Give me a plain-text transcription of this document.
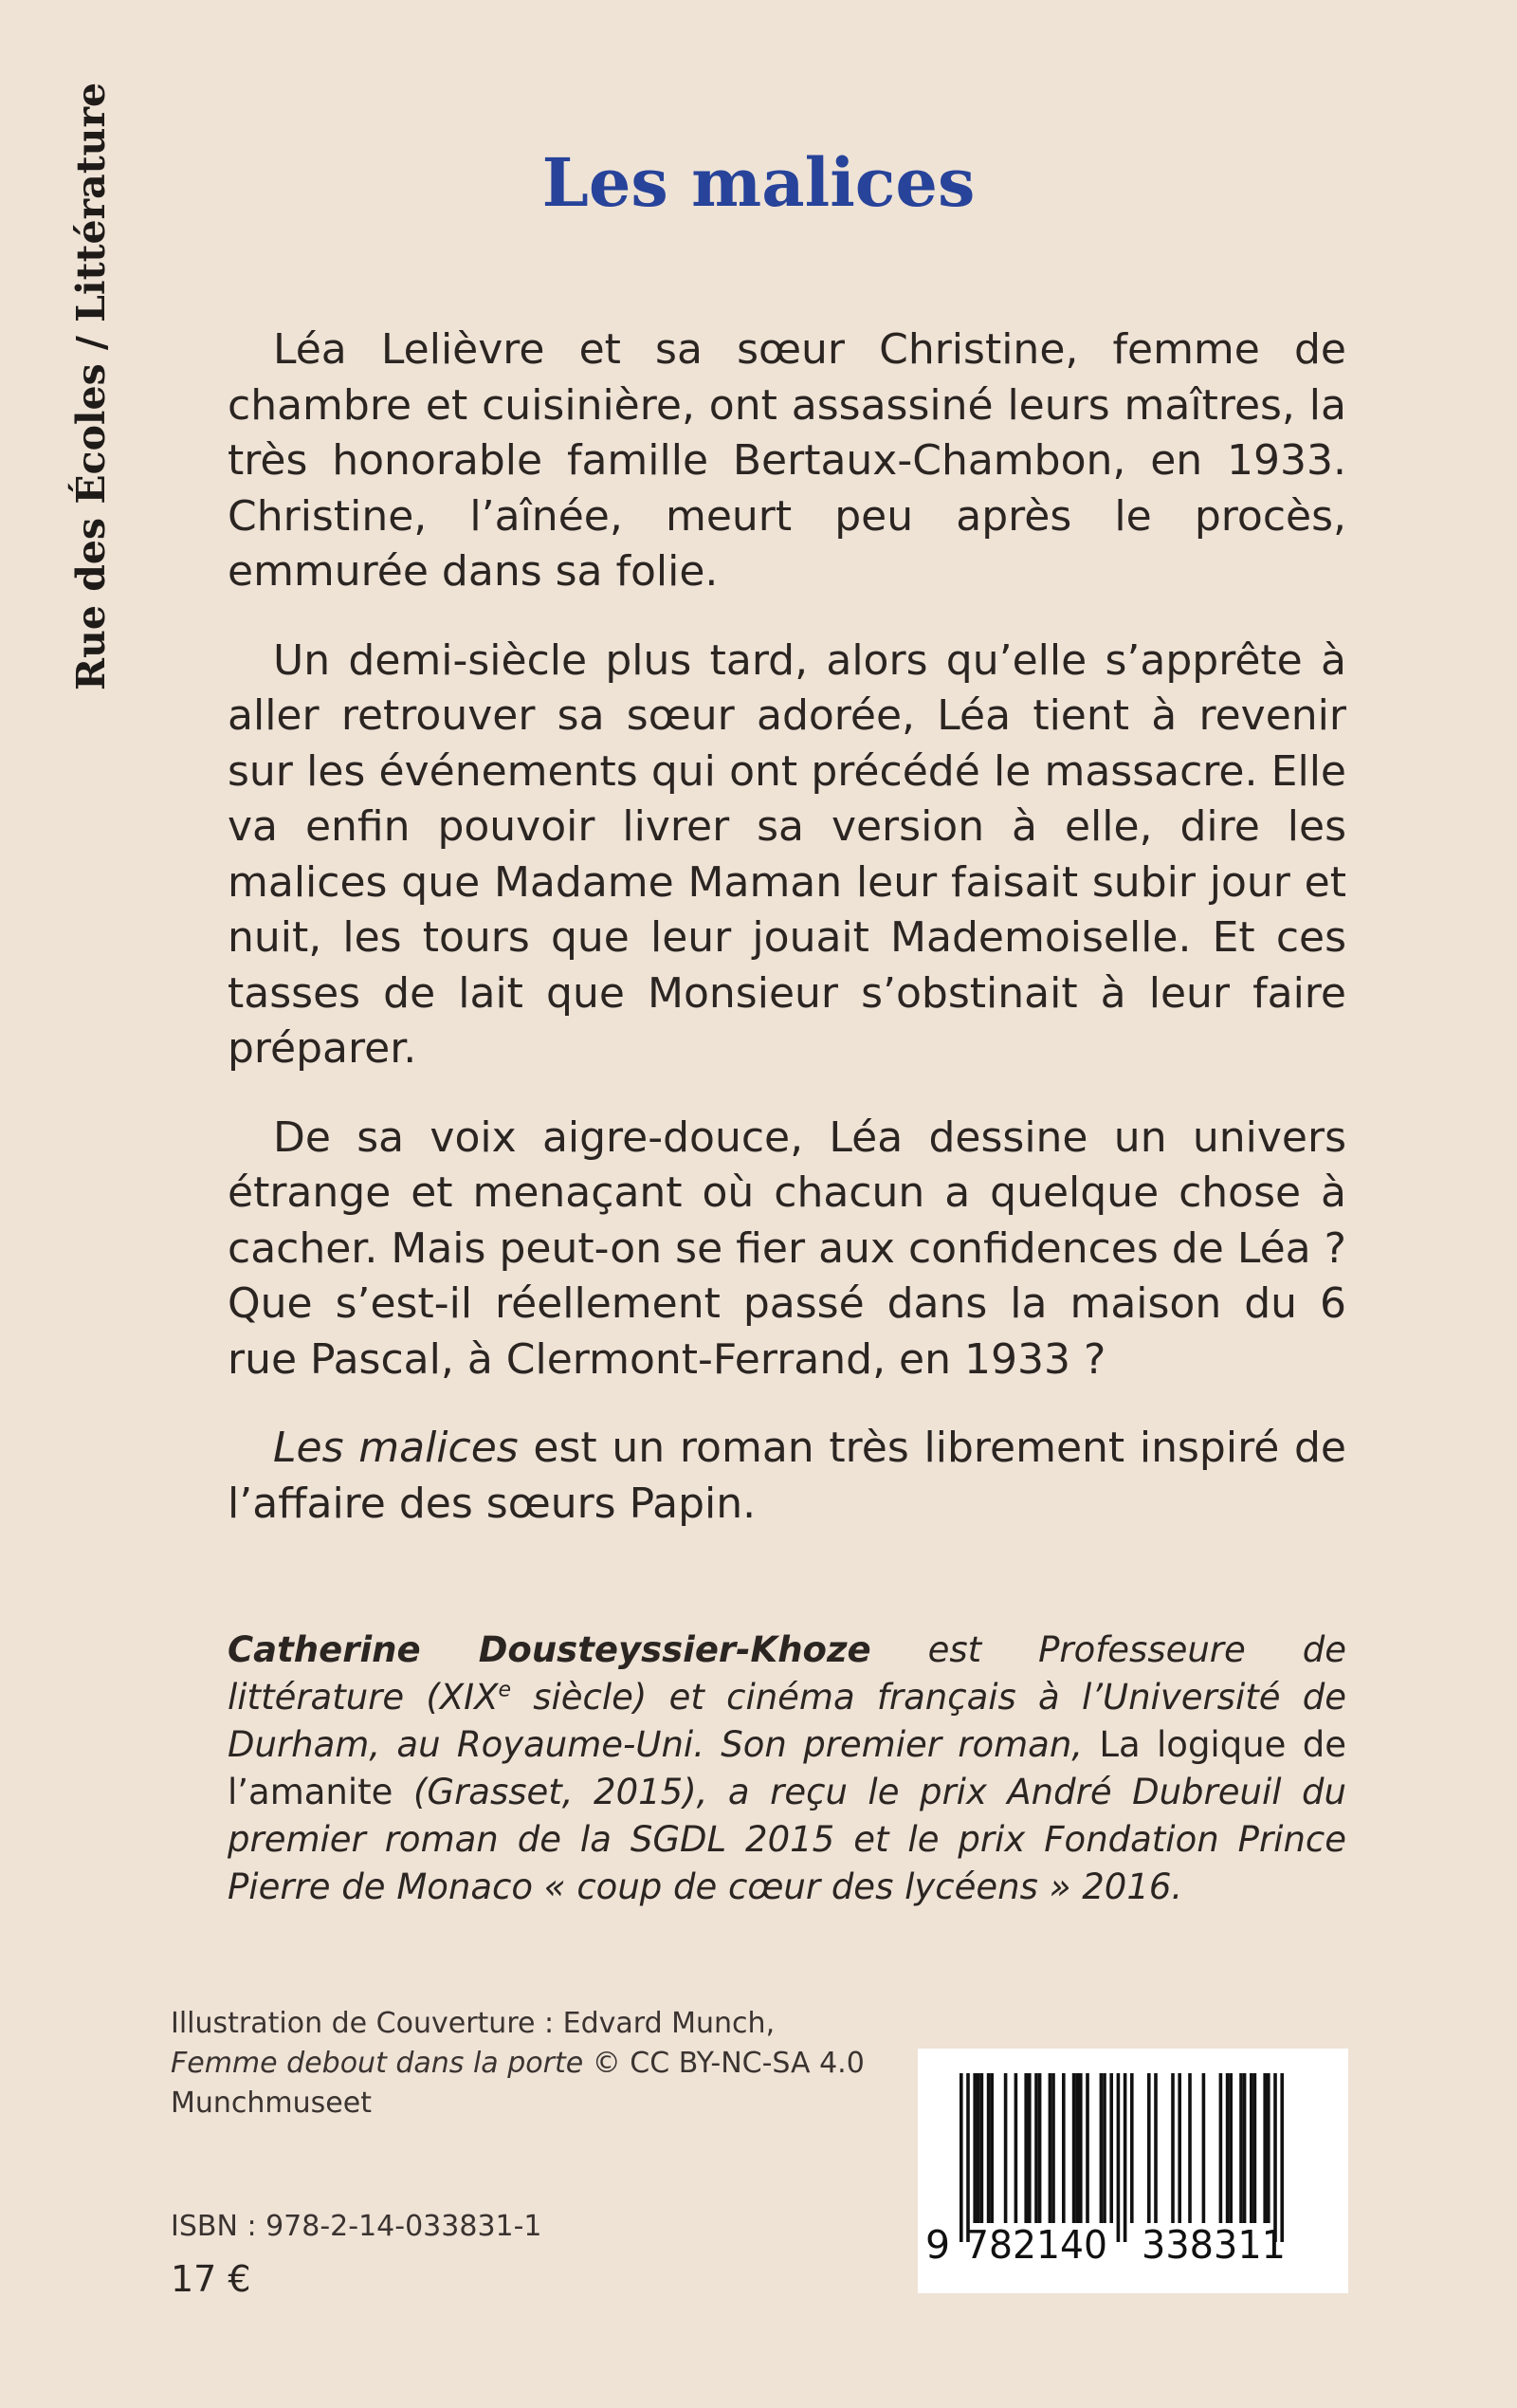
Rue des Écoles / Littérature	Les malices

Léa Lelièvre et sa sœur Christine, femme de chambre et cuisinière, ont assassiné leurs maîtres, la très honorable famille Bertaux-Chambon, en 1933. Christine, l’aînée, meurt peu après le procès, emmurée dans sa folie.

Un demi-siècle plus tard, alors qu’elle s’apprête à aller retrouver sa sœur adorée, Léa tient à revenir sur les événements qui ont précédé le massacre. Elle va enfin pouvoir livrer sa version à elle, dire les malices que Madame Maman leur faisait subir jour et nuit, les tours que leur jouait Mademoiselle. Et ces tasses de lait que Monsieur s’obstinait à leur faire préparer.

De sa voix aigre-douce, Léa dessine un univers étrange et menaçant où chacun a quelque chose à cacher. Mais peut-on se fier aux confidences de Léa ? Que s’est-il réellement passé dans la maison du 6 rue Pascal, à Clermont-Ferrand, en 1933 ?

Les malices est un roman très librement inspiré de l’affaire des sœurs Papin.

Catherine Dousteyssier-Khoze est Professeure de littérature (XIXe siècle) et cinéma français à l’Université de Durham, au Royaume-Uni. Son premier roman, La logique de l’amanite (Grasset, 2015), a reçu le prix André Dubreuil du premier roman de la SGDL 2015 et le prix Fondation Prince Pierre de Monaco « coup de cœur des lycéens » 2016.

Illustration de Couverture : Edvard Munch,
Femme debout dans la porte © CC BY-NC-SA 4.0
Munchmuseet
ISBN : 978-2-14-033831-1
17 €
9 782140 338311
